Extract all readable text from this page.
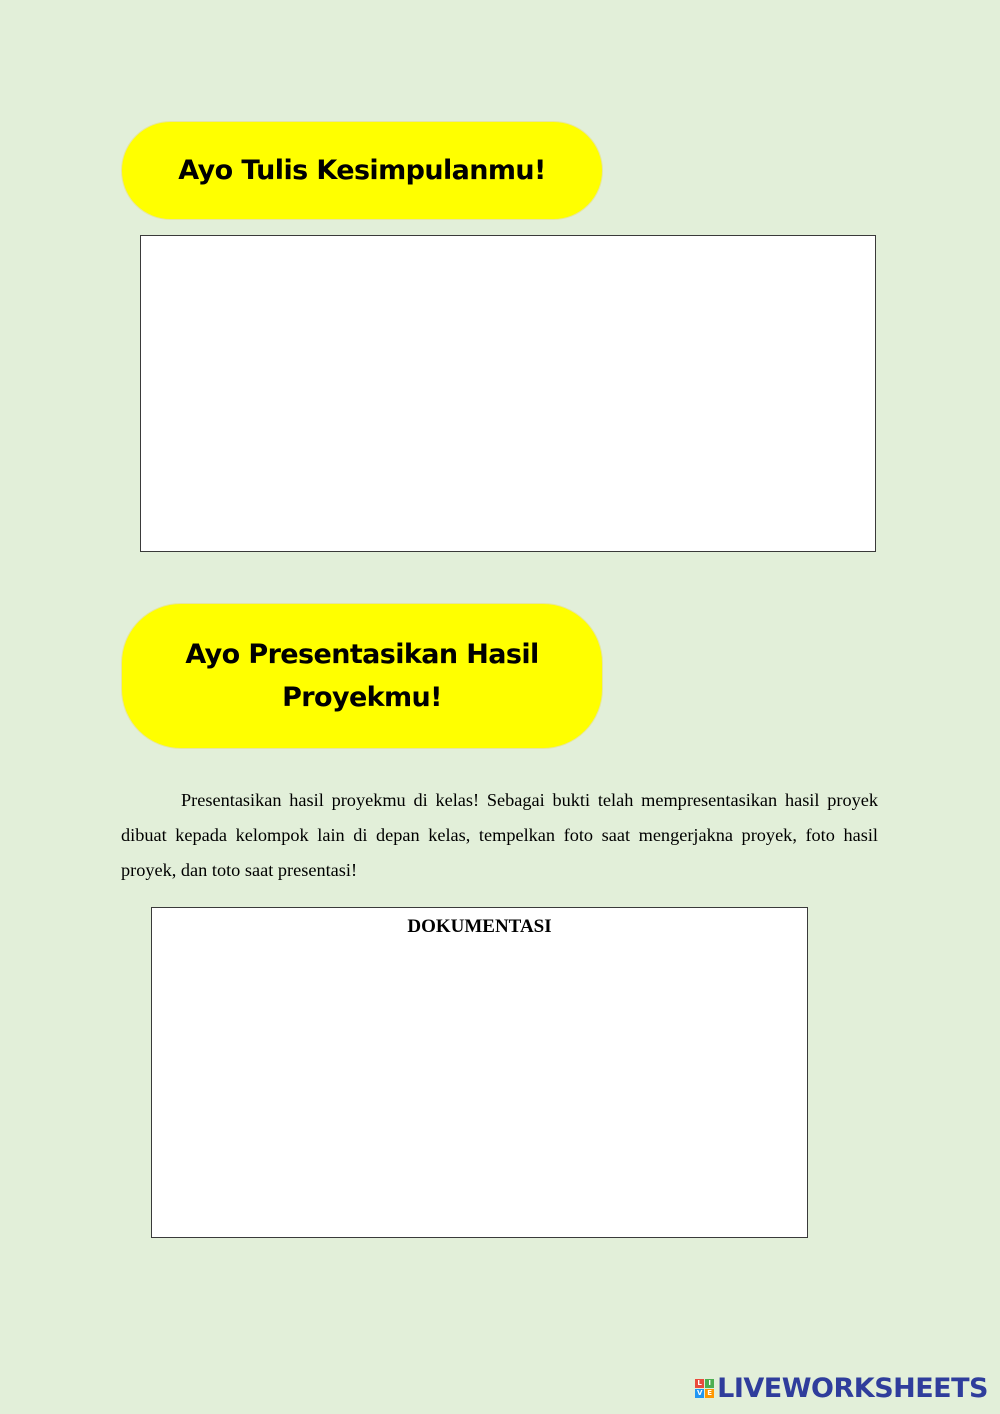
Ayo Tulis Kesimpulanmu!
Ayo Presentasikan Hasil Proyekmu!

Presentasikan hasil proyekmu di kelas! Sebagai bukti telah mempresentasikan hasil proyek dibuat kepada kelompok lain di depan kelas, tempelkan foto saat mengerjakna proyek, foto hasil proyek, dan toto saat presentasi!

DOKUMENTASI
L I
V E LIVEWORKSHEETS
